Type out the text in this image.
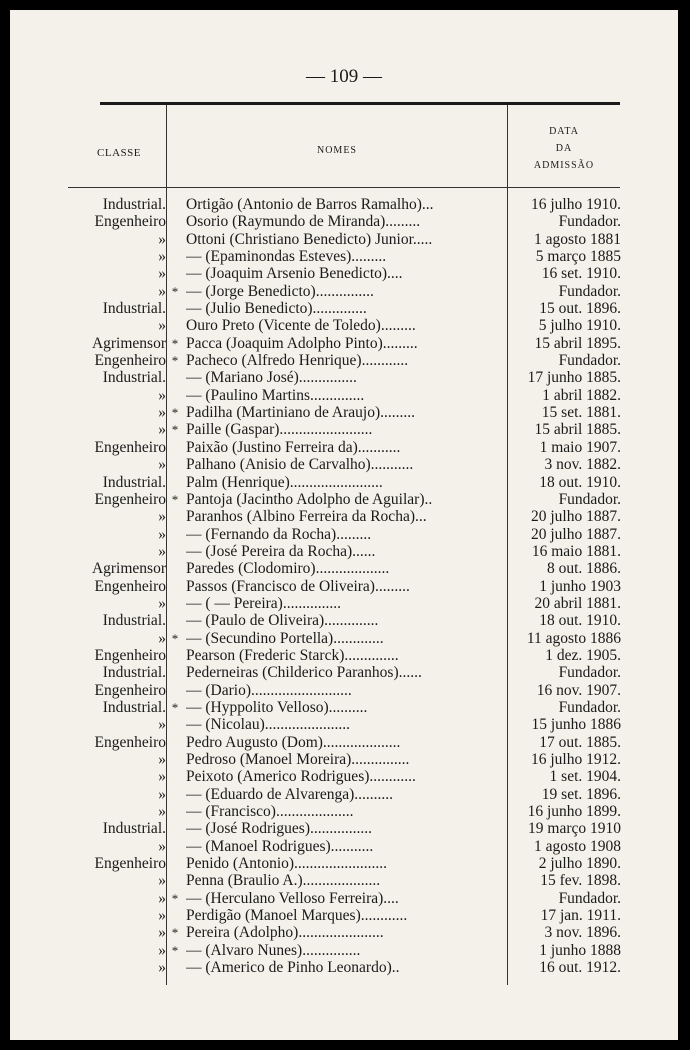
— 109 —
CLASSE	NOMES
DATA
DA
ADMISSÃO
Industrial. Ortigão (Antonio de Barros Ramalho)...	16 julho 1910.
Engenheiro Osorio (Raymundo de Miranda).........	Fundador.
» Ottoni (Christiano Benedicto) Junior.....	1 agosto 1881
» — (Epaminondas Esteves).........	5 março 1885
» — (Joaquim Arsenio Benedicto)....	16 set. 1910.
» * — (Jorge Benedicto)...............	Fundador.
Industrial. — (Julio Benedicto)..............	15 out. 1896.
» Ouro Preto (Vicente de Toledo).........	5 julho 1910.
Agrimensor * Pacca (Joaquim Adolpho Pinto).........	15 abril 1895.
Engenheiro * Pacheco (Alfredo Henrique)............	Fundador.
Industrial. — (Mariano José)...............	17 junho 1885.
» — (Paulino Martins..............	1 abril 1882.
» * Padilha (Martiniano de Araujo).........	15 set. 1881.
» * Paille (Gaspar)........................	15 abril 1885.
Engenheiro Paixão (Justino Ferreira da)...........	1 maio 1907.
» Palhano (Anisio de Carvalho)...........	3 nov. 1882.
Industrial. Palm (Henrique)........................	18 out. 1910.
Engenheiro * Pantoja (Jacintho Adolpho de Aguilar)..	Fundador.
» Paranhos (Albino Ferreira da Rocha)...	20 julho 1887.
» — (Fernando da Rocha).........	20 julho 1887.
» — (José Pereira da Rocha)......	16 maio 1881.
Agrimensor Paredes (Clodomiro)...................	8 out. 1886.
Engenheiro Passos (Francisco de Oliveira).........	1 junho 1903
» — ( — Pereira)...............	20 abril 1881.
Industrial. — (Paulo de Oliveira)..............	18 out. 1910.
» * — (Secundino Portella).............	11 agosto 1886
Engenheiro Pearson (Frederic Starck)..............	1 dez. 1905.
Industrial. Pederneiras (Childerico Paranhos)......	Fundador.
Engenheiro — (Dario)..........................	16 nov. 1907.
Industrial. * — (Hyppolito Velloso)..........	Fundador.
» — (Nicolau)......................	15 junho 1886
Engenheiro Pedro Augusto (Dom)....................	17 out. 1885.
» Pedroso (Manoel Moreira)...............	16 julho 1912.
» Peixoto (Americo Rodrigues)............	1 set. 1904.
» — (Eduardo de Alvarenga)..........	19 set. 1896.
» — (Francisco)....................	16 junho 1899.
Industrial. — (José Rodrigues)................	19 março 1910
» — (Manoel Rodrigues)...........	1 agosto 1908
Engenheiro Penido (Antonio)........................	2 julho 1890.
» Penna (Braulio A.)....................	15 fev. 1898.
» * — (Herculano Velloso Ferreira)....	Fundador.
» Perdigão (Manoel Marques)............	17 jan. 1911.
» * Pereira (Adolpho)......................	3 nov. 1896.
» * — (Alvaro Nunes)...............	1 junho 1888
» — (Americo de Pinho Leonardo)..	16 out. 1912.
